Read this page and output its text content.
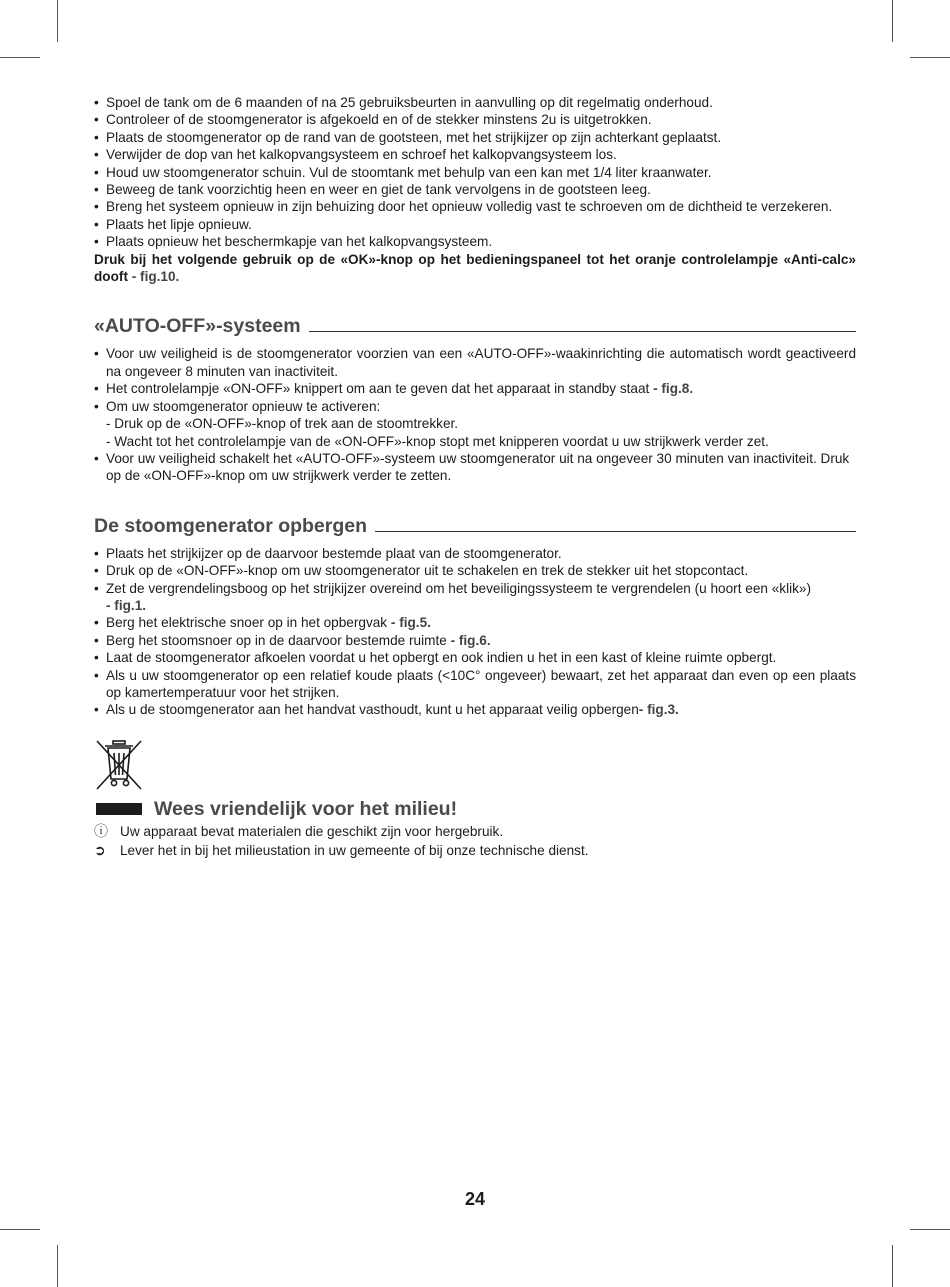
• Spoel de tank om de 6 maanden of na 25 gebruiksbeurten in aanvulling op dit regelmatig onderhoud.
• Controleer of de stoomgenerator is afgekoeld en of de stekker minstens 2u is uitgetrokken.
• Plaats de stoomgenerator op de rand van de gootsteen, met het strijkijzer op zijn achterkant geplaatst.
• Verwijder de dop van het kalkopvangsysteem en schroef het kalkopvangsysteem los.
• Houd uw stoomgenerator schuin. Vul de stoomtank met behulp van een kan met 1/4 liter kraanwater.
• Beweeg de tank voorzichtig heen en weer en giet de tank vervolgens in de gootsteen leeg.
• Breng het systeem opnieuw in zijn behuizing door het opnieuw volledig vast te schroeven om de dichtheid te verzekeren.
• Plaats het lipje opnieuw.
• Plaats opnieuw het beschermkapje van het kalkopvangsysteem.
Druk bij het volgende gebruik op de «OK»-knop op het bedieningspaneel tot het oranje controlelampje «Anti-calc» dooft - fig.10.
«AUTO-OFF»-systeem
• Voor uw veiligheid is de stoomgenerator voorzien van een «AUTO-OFF»-waakinrichting die automatisch wordt geactiveerd na ongeveer 8 minuten van inactiviteit.
• Het controlelampje «ON-OFF» knippert om aan te geven dat het apparaat in standby staat - fig.8.
• Om uw stoomgenerator opnieuw te activeren:
- Druk op de «ON-OFF»-knop of trek aan de stoomtrekker.
- Wacht tot het controlelampje van de «ON-OFF»-knop stopt met knipperen voordat u uw strijkwerk verder zet.
• Voor uw veiligheid schakelt het «AUTO-OFF»-systeem uw stoomgenerator uit na ongeveer 30 minuten van inactiviteit. Druk op de «ON-OFF»-knop om uw strijkwerk verder te zetten.
De stoomgenerator opbergen
• Plaats het strijkijzer op de daarvoor bestemde plaat van de stoomgenerator.
• Druk op de «ON-OFF»-knop om uw stoomgenerator uit te schakelen en trek de stekker uit het stopcontact.
• Zet de vergrendelingsboog op het strijkijzer overeind om het beveiligingssysteem te vergrendelen (u hoort een «klik»)
- fig.1.
• Berg het elektrische snoer op in het opbergvak - fig.5.
• Berg het stoomsnoer op in de daarvoor bestemde ruimte - fig.6.
• Laat de stoomgenerator afkoelen voordat u het opbergt en ook indien u het in een kast of kleine ruimte opbergt.
• Als u uw stoomgenerator op een relatief koude plaats (<10C° ongeveer) bewaart, zet het apparaat dan even op een plaats op kamertemperatuur voor het strijken.
• Als u de stoomgenerator aan het handvat vasthoudt, kunt u het apparaat veilig opbergen- fig.3.
Wees vriendelijk voor het milieu!
ⓘ Uw apparaat bevat materialen die geschikt zijn voor hergebruik.
➲	Lever het in bij het milieustation in uw gemeente of bij onze technische dienst.
24
